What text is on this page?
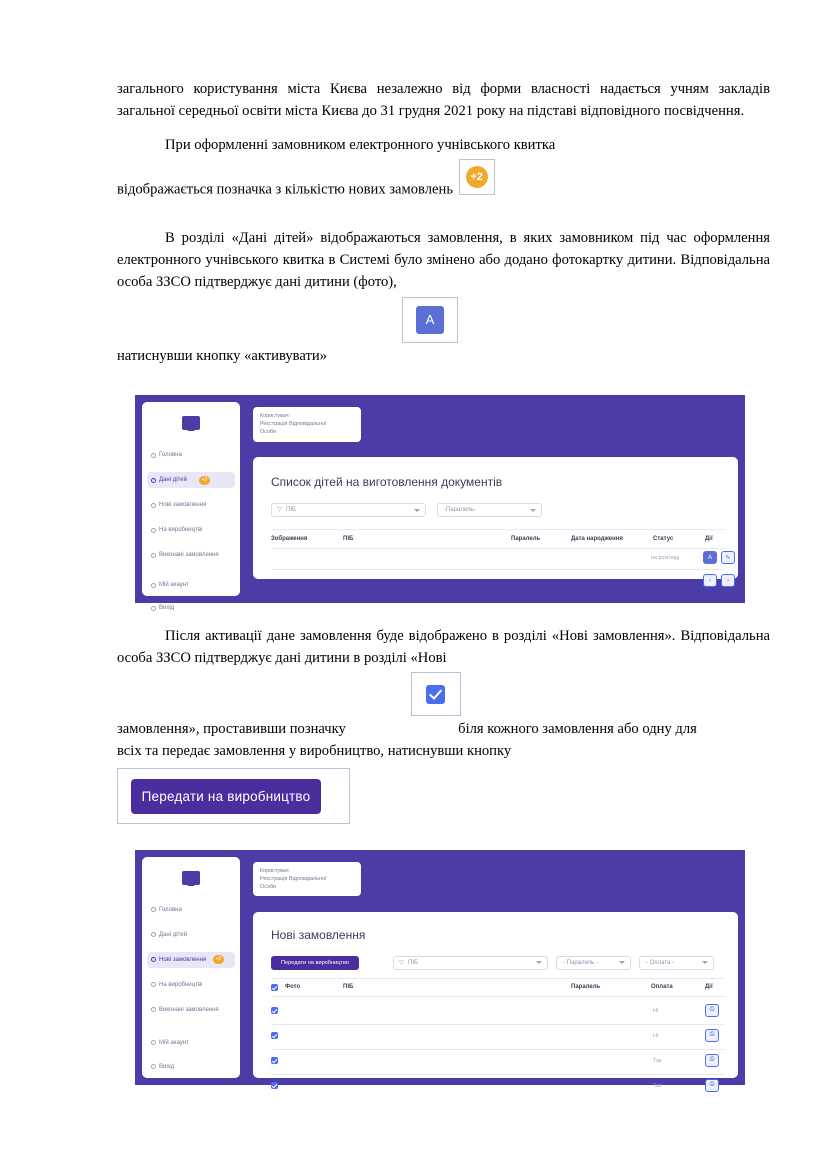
загального користування міста Києва незалежно від форми власності надається учням закладів загальної середньої освіти міста Києва до 31 грудня 2021 року на підставі відповідного посвідчення.

При оформленні замовником електронного учнівського квитка

відображається позначка з кількістю нових замовлень
+2

В розділі «Дані дітей» відображаються замовлення, в яких замовником під час оформлення електронного учнівського квитка в Системі було змінено або додано фотокартку дитини. Відповідальна особа ЗЗСО підтверджує дані дитини (фото),

А

натиснувши кнопку «активувати»

Головна
Дані дітей	+2
Нові замовлення
На виробництві
Виконані замовлення
Мій акаунт
Вихід
Користувач:
Реєстрація Відповідальної
Особи
Список дітей на виготовлення документів
▽ ПІБ	-Паралель-
Зображення	ПІБ	Паралель	Дата народження	Статус	Дії
на розгляді	А	✎
‹	›

Після активації дане замовлення буде відображено в розділі «Нові замовлення». Відповідальна особа ЗЗСО підтверджує дані дитини в розділі «Нові

замовлення», проставивши позначку	біля кожного замовлення або одну для

всіх та передає замовлення у виробництво, натиснувши кнопку

Передати на виробництво
Головна
Дані дітей
Нові замовлення	+2
На виробництві
Виконані замовлення
Мій акаунт
Вихід
Користувач:
Реєстрація Відповідальної
Особи
Нові замовлення
Передати на виробництво	▽ ПІБ	- Паралель -	- Оплата -
Фото	ПІБ	Паралель	Оплата	Дії
Ні	⎙
Ні	⎙
Так	⎙
Так	⎙
